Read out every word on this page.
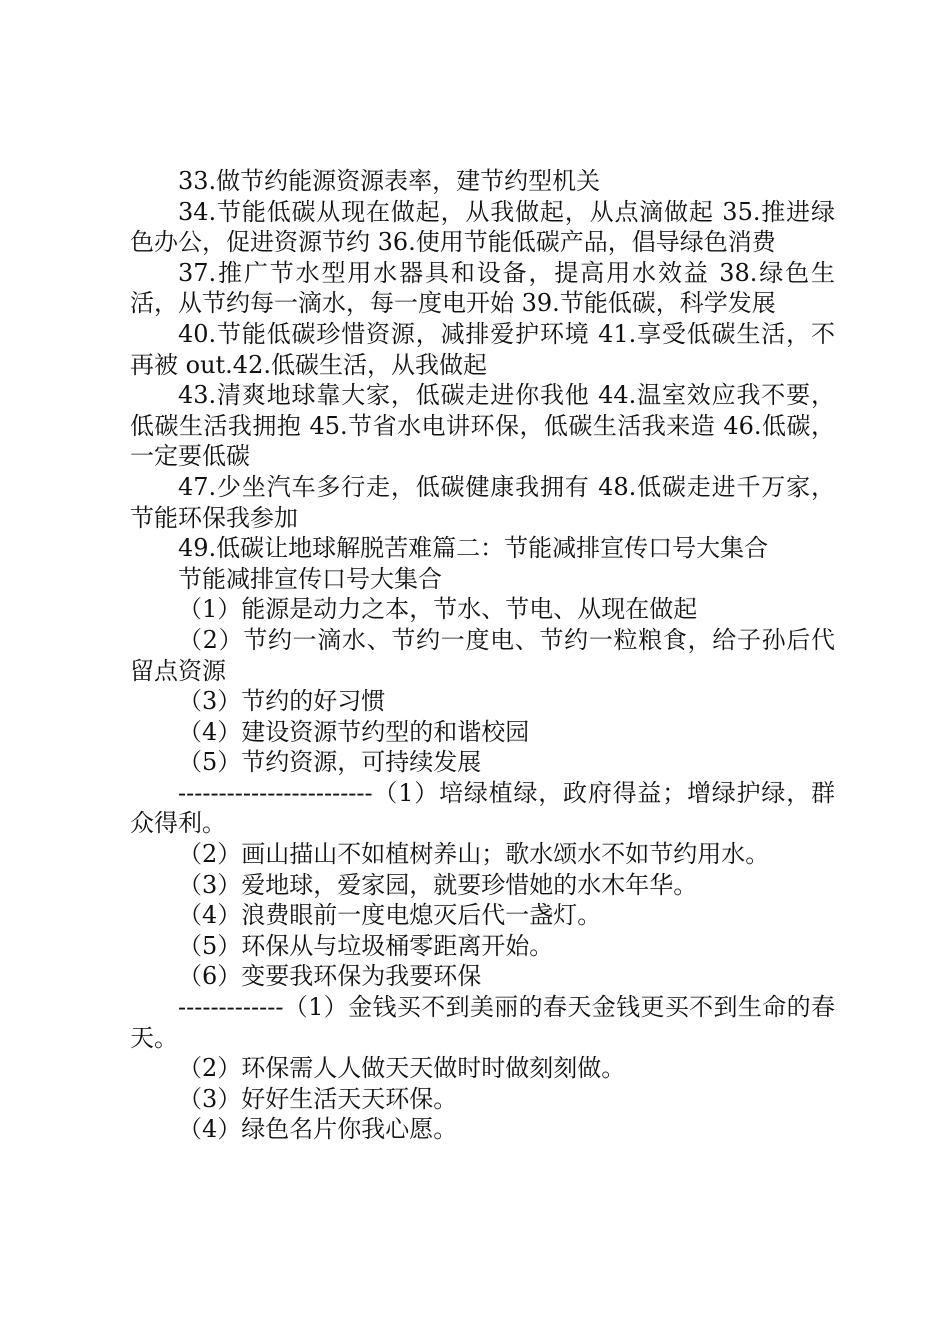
33.做节约能源资源表率，建节约型机关

34.节能低碳从现在做起，从我做起，从点滴做起 35.推进绿色办公，促进资源节约 36.使用节能低碳产品，倡导绿色消费

37.推广节水型用水器具和设备，提高用水效益 38.绿色生活，从节约每一滴水，每一度电开始 39.节能低碳，科学发展

40.节能低碳珍惜资源，减排爱护环境 41.享受低碳生活，不再被 out.42.低碳生活，从我做起

43.清爽地球靠大家，低碳走进你我他 44.温室效应我不要，低碳生活我拥抱 45.节省水电讲环保，低碳生活我来造 46.低碳，一定要低碳

47.少坐汽车多行走，低碳健康我拥有 48.低碳走进千万家，节能环保我参加

49.低碳让地球解脱苦难篇二：节能减排宣传口号大集合

节能减排宣传口号大集合

（1）能源是动力之本，节水、节电、从现在做起

（2）节约一滴水、节约一度电、节约一粒粮食，给子孙后代留点资源

（3）节约的好习惯

（4）建设资源节约型的和谐校园

（5）节约资源，可持续发展

------------------------（1）培绿植绿，政府得益；增绿护绿，群众得利。

（2）画山描山不如植树养山；歌水颂水不如节约用水。

（3）爱地球，爱家园，就要珍惜她的水木年华。

（4）浪费眼前一度电熄灭后代一盏灯。

（5）环保从与垃圾桶零距离开始。

（6）变要我环保为我要环保

-------------（1）金钱买不到美丽的春天金钱更买不到生命的春天。

（2）环保需人人做天天做时时做刻刻做。

（3）好好生活天天环保。

（4）绿色名片你我心愿。
